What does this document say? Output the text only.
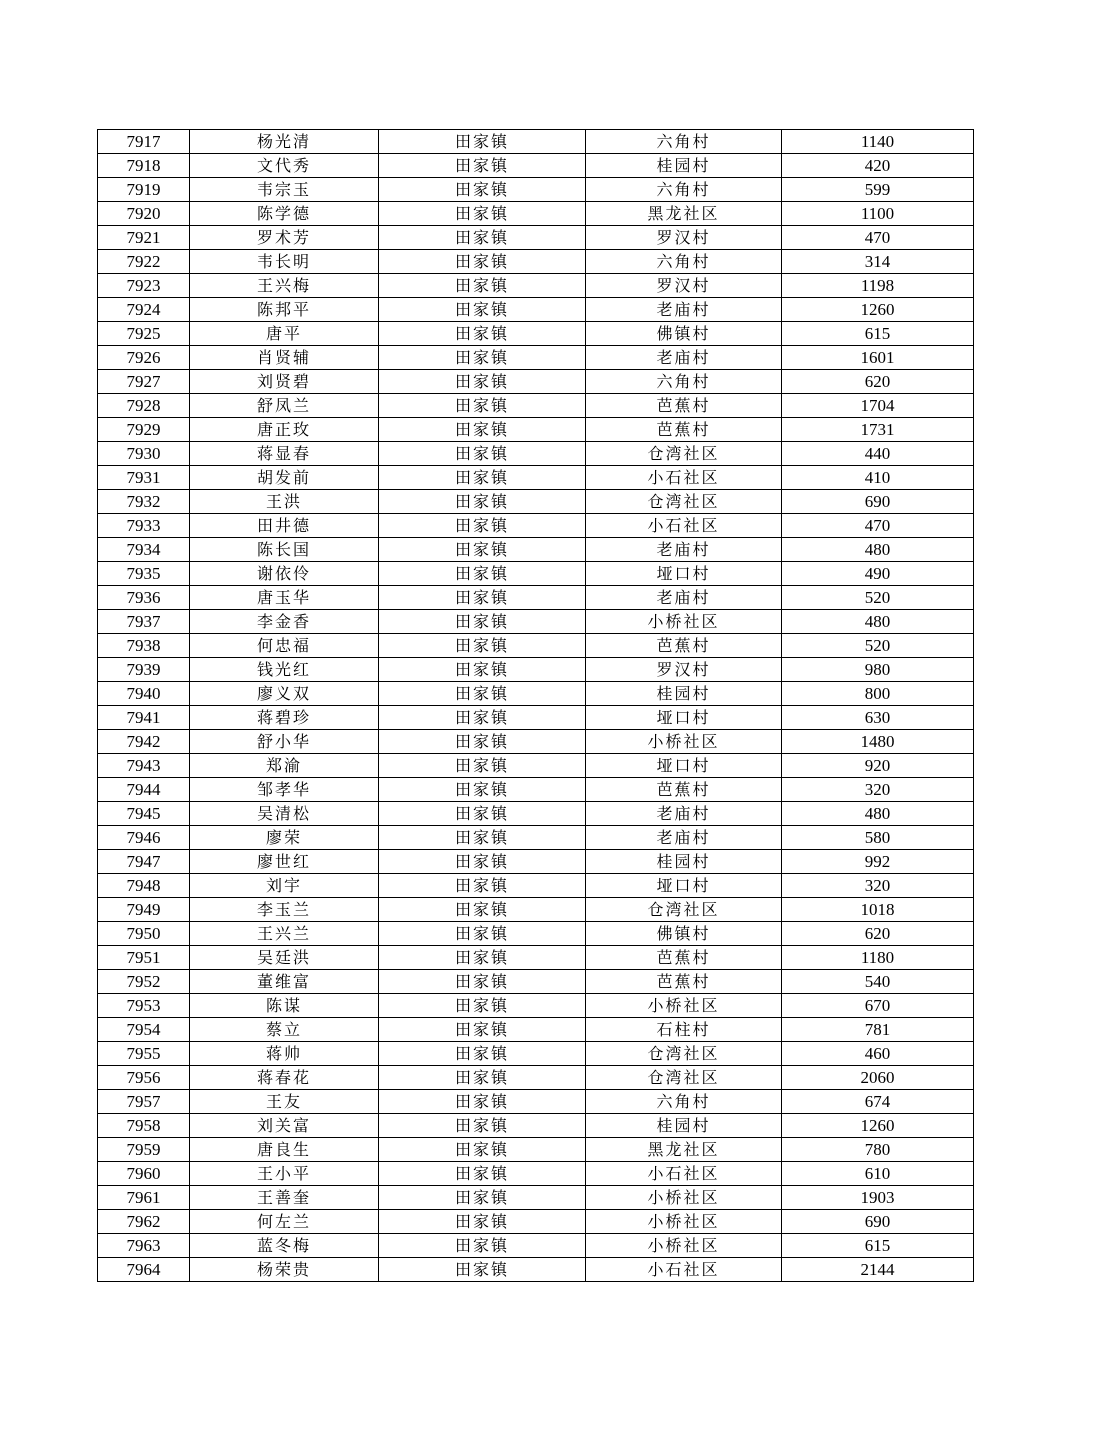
7917	杨光清	田家镇	六角村	1140
7918	文代秀	田家镇	桂园村	420
7919	韦宗玉	田家镇	六角村	599
7920	陈学德	田家镇	黑龙社区	1100
7921	罗术芳	田家镇	罗汉村	470
7922	韦长明	田家镇	六角村	314
7923	王兴梅	田家镇	罗汉村	1198
7924	陈邦平	田家镇	老庙村	1260
7925	唐平	田家镇	佛镇村	615
7926	肖贤辅	田家镇	老庙村	1601
7927	刘贤碧	田家镇	六角村	620
7928	舒凤兰	田家镇	芭蕉村	1704
7929	唐正玫	田家镇	芭蕉村	1731
7930	蒋显春	田家镇	仓湾社区	440
7931	胡发前	田家镇	小石社区	410
7932	王洪	田家镇	仓湾社区	690
7933	田井德	田家镇	小石社区	470
7934	陈长国	田家镇	老庙村	480
7935	谢依伶	田家镇	垭口村	490
7936	唐玉华	田家镇	老庙村	520
7937	李金香	田家镇	小桥社区	480
7938	何忠福	田家镇	芭蕉村	520
7939	钱光红	田家镇	罗汉村	980
7940	廖义双	田家镇	桂园村	800
7941	蒋碧珍	田家镇	垭口村	630
7942	舒小华	田家镇	小桥社区	1480
7943	郑渝	田家镇	垭口村	920
7944	邹孝华	田家镇	芭蕉村	320
7945	吴清松	田家镇	老庙村	480
7946	廖荣	田家镇	老庙村	580
7947	廖世红	田家镇	桂园村	992
7948	刘宇	田家镇	垭口村	320
7949	李玉兰	田家镇	仓湾社区	1018
7950	王兴兰	田家镇	佛镇村	620
7951	吴廷洪	田家镇	芭蕉村	1180
7952	董维富	田家镇	芭蕉村	540
7953	陈谋	田家镇	小桥社区	670
7954	蔡立	田家镇	石柱村	781
7955	蒋帅	田家镇	仓湾社区	460
7956	蒋春花	田家镇	仓湾社区	2060
7957	王友	田家镇	六角村	674
7958	刘关富	田家镇	桂园村	1260
7959	唐良生	田家镇	黑龙社区	780
7960	王小平	田家镇	小石社区	610
7961	王善奎	田家镇	小桥社区	1903
7962	何左兰	田家镇	小桥社区	690
7963	蓝冬梅	田家镇	小桥社区	615
7964	杨荣贵	田家镇	小石社区	2144
